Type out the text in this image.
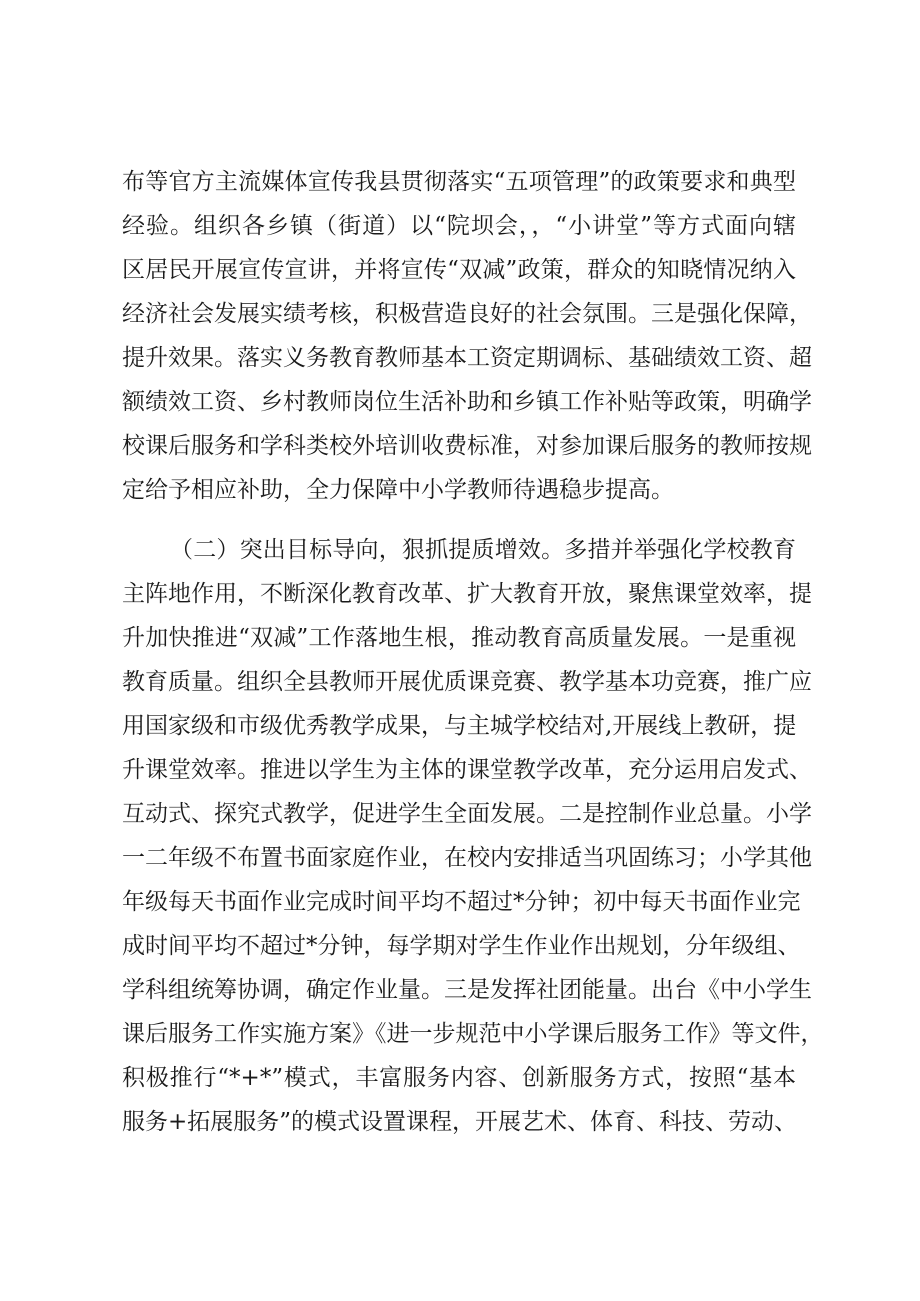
布等官方主流媒体宣传我县贯彻落实“五项管理”的政策要求和典型
经验。组织各乡镇（街道）以“院坝会，，“小讲堂”等方式面向辖
区居民开展宣传宣讲，并将宣传“双减”政策，群众的知晓情况纳入
经济社会发展实绩考核，积极营造良好的社会氛围。三是强化保障，
提升效果。落实义务教育教师基本工资定期调标、基础绩效工资、超
额绩效工资、乡村教师岗位生活补助和乡镇工作补贴等政策，明确学
校课后服务和学科类校外培训收费标准，对参加课后服务的教师按规
定给予相应补助，全力保障中小学教师待遇稳步提高。
（二）突出目标导向，狠抓提质增效。多措并举强化学校教育
主阵地作用，不断深化教育改革、扩大教育开放，聚焦课堂效率，提
升加快推进“双减”工作落地生根，推动教育高质量发展。一是重视
教育质量。组织全县教师开展优质课竞赛、教学基本功竞赛，推广应
用国家级和市级优秀教学成果，与主城学校结对,开展线上教研，提
升课堂效率。推进以学生为主体的课堂教学改革，充分运用启发式、
互动式、探究式教学，促进学生全面发展。二是控制作业总量。小学
一二年级不布置书面家庭作业，在校内安排适当巩固练习；小学其他
年级每天书面作业完成时间平均不超过*分钟；初中每天书面作业完
成时间平均不超过*分钟，每学期对学生作业作出规划，分年级组、
学科组统筹协调，确定作业量。三是发挥社团能量。出台《中小学生
课后服务工作实施方案》《进一步规范中小学课后服务工作》等文件，
积极推行“*+*”模式，丰富服务内容、创新服务方式，按照“基本
服务+拓展服务”的模式设置课程，开展艺术、体育、科技、劳动、
